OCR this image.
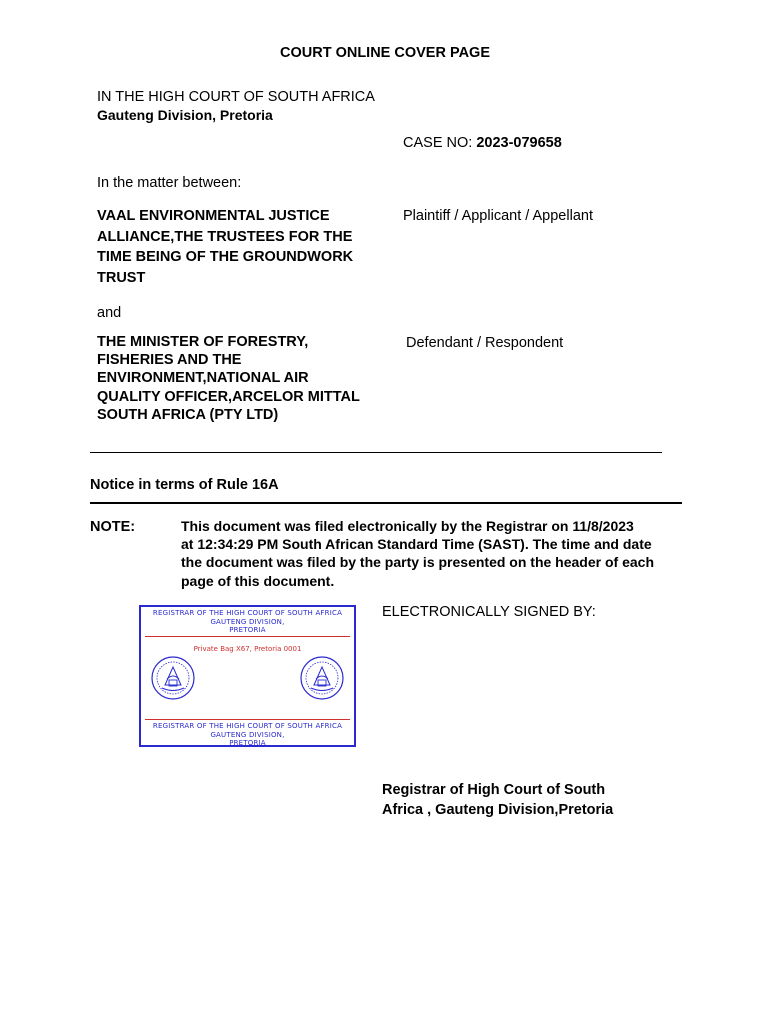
COURT ONLINE COVER PAGE
IN THE HIGH COURT OF SOUTH AFRICA
Gauteng Division, Pretoria
CASE NO: 2023-079658
In the matter between:
VAAL ENVIRONMENTAL JUSTICE
ALLIANCE,THE TRUSTEES FOR THE
TIME BEING OF THE GROUNDWORK
TRUST
Plaintiff / Applicant / Appellant
and
THE MINISTER OF FORESTRY,
FISHERIES AND THE
ENVIRONMENT,NATIONAL AIR
QUALITY OFFICER,ARCELOR MITTAL
SOUTH AFRICA (PTY LTD)
Defendant / Respondent
Notice in terms of Rule 16A
NOTE:	This document was filed electronically by the Registrar on 11/8/2023
at 12:34:29 PM South African Standard Time (SAST). The time and date
the document was filed by the party is presented on the header of each
page of this document.
REGISTRAR OF THE HIGH COURT OF SOUTH AFRICA
GAUTENG DIVISION,
PRETORIA
Private Bag X67, Pretoria 0001
REGISTRAR OF THE HIGH COURT OF SOUTH AFRICA
GAUTENG DIVISION,
PRETORIA
ELECTRONICALLY SIGNED BY:
Registrar of High Court of South
Africa , Gauteng Division,Pretoria
